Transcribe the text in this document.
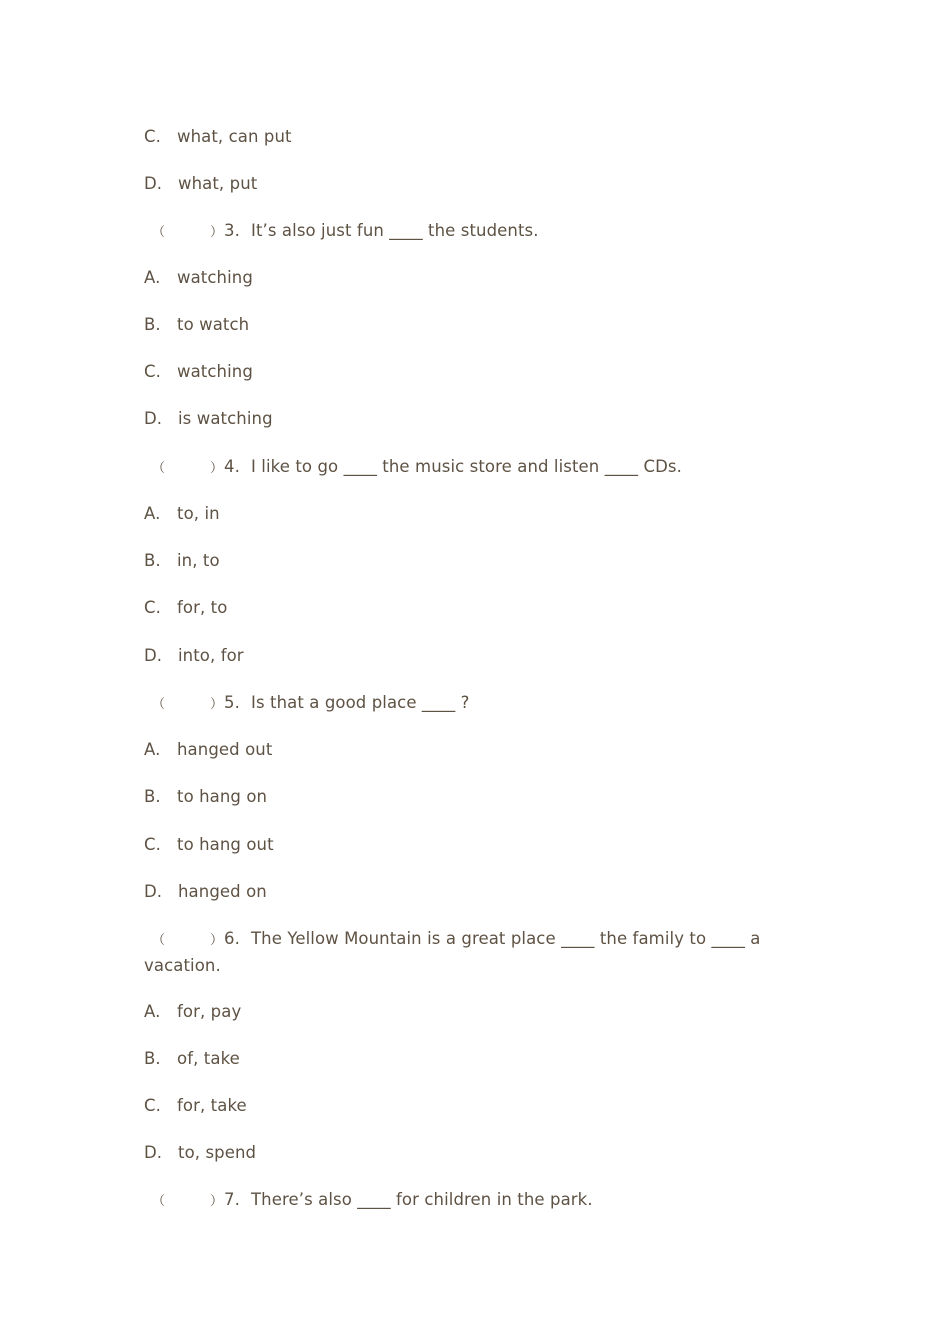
C. what, can put
D. what, put
（	）3. It’s also just fun ____ the students.
A. watching
B. to watch
C. watching
D. is watching
（	）4. I like to go ____ the music store and listen ____ CDs.
A. to, in
B. in, to
C. for, to
D. into, for
（	）5. Is that a good place ____ ?
A. hanged out
B. to hang on
C. to hang out
D. hanged on
（	）6. The Yellow Mountain is a great place ____ the family to ____ a vacation.
A. for, pay
B. of, take
C. for, take
D. to, spend
（	）7. There’s also ____ for children in the park.
